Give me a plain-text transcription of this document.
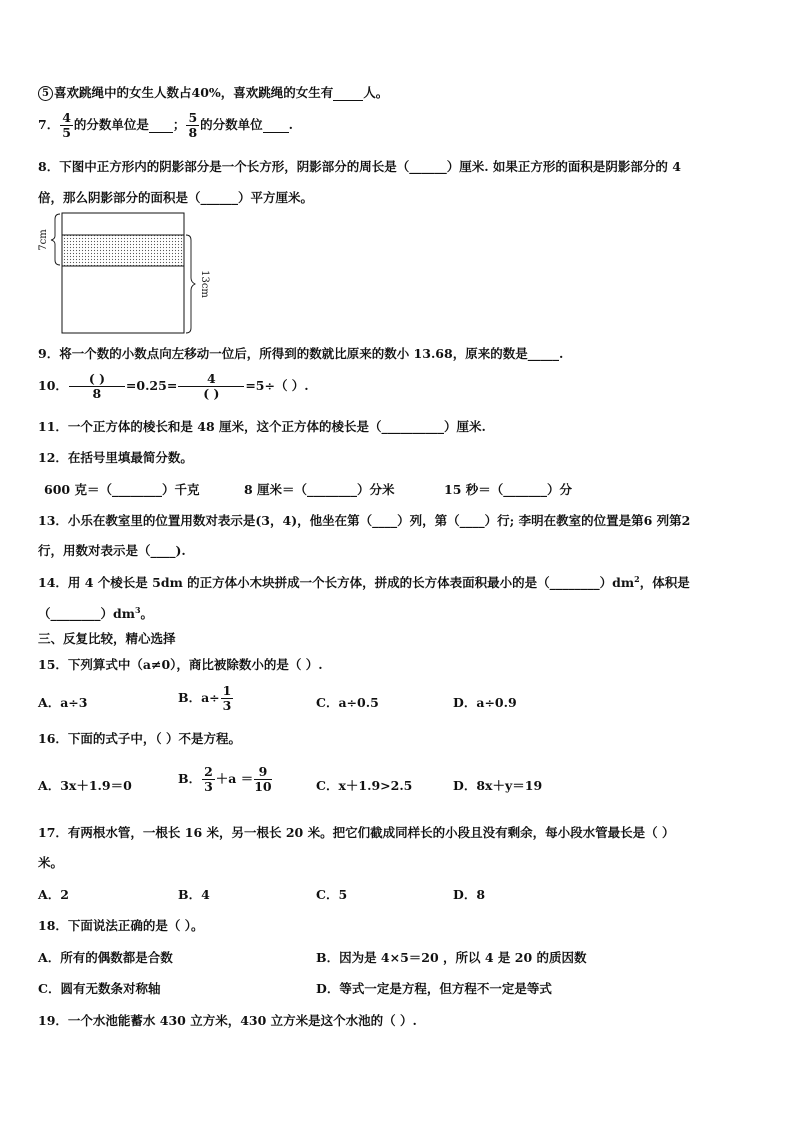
5 喜欢跳绳中的女生人数占40%，喜欢跳绳的女生有 人。
7． $\frac{4}{5}$ 的分数单位是 ； $\frac{5}{8}$ 的分数单位 .
8．下图中正方形内的阴影部分是一个长方形，阴影部分的周长是（______）厘米. 如果正方形的面积是阴影部分的 4
倍，那么阴影部分的面积是（______）平方厘米。
7cm
13cm
9．将一个数的小数点向左移动一位后，所得到的数就比原来的数小 13.68，原来的数是_____.
10． $\frac{( )}{8} =0.25= \frac{4}{( )} =5\div$（ ）.
11．一个正方体的棱长和是 48 厘米，这个正方体的棱长是（__________）厘米.
12．在括号里填最简分数。
600 克＝（________）千克	8 厘米＝（________）分米	15 秒＝（_______）分
13．小乐在教室里的位置用数对表示是(3，4)，他坐在第（____）列，第（____）行; 李明在教室的位置是第6 列第2
行，用数对表示是（____).
14．用 4 个棱长是 5dm 的正方体小木块拼成一个长方体，拼成的长方体表面积最小的是$(\_\_\_\_\_\_\_\_)dm^2$，体积是
$(\_\_\_\_\_\_\_\_)dm^3$。
三、反复比较，精心选择
15．下列算式中（a≠0），商比被除数小的是（ ）.
A．a÷3	B．$a\div \frac{1}{3}$	C．a÷0.5	D．a÷0.9
16．下面的式子中，（ ）不是方程。
A．3x＋1.9＝0	B． $\frac{2}{3} +a = \frac{9}{10}$	C．x＋1.9>2.5	D．8x＋y＝19
17．有两根水管，一根长 16 米，另一根长 20 米。把它们截成同样长的小段且没有剩余，每小段水管最长是（ ）
米。
A．2	B．4	C．5	D．8
18．下面说法正确的是（ ）。
A．所有的偶数都是合数	B．因为是 4×5＝20 ，所以 4 是 20 的质因数
C．圆有无数条对称轴	D．等式一定是方程，但方程不一定是等式
19．一个水池能蓄水 430 立方米，430 立方米是这个水池的（ ）.
